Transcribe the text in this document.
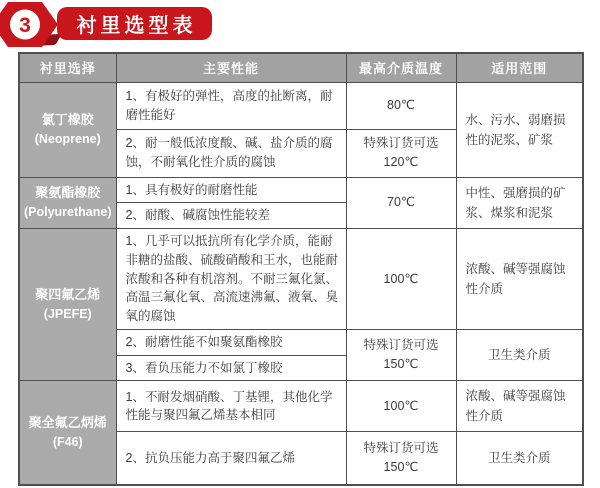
衬里选型表
3
衬里选择	主要性能	最高介质温度	适用范围
氯丁橡胶
(Neoprene)	1、有极好的弹性，高度的扯断离，耐磨性能好	80℃	水、污水、弱磨损性的泥浆、矿浆
	2、耐一般低浓度酸、碱、盐介质的腐蚀，不耐氧化性介质的腐蚀	特殊订货可选120℃	
聚氨酯橡胶
(Polyurethane)	1、具有极好的耐磨性能	70℃	中性、强磨损的矿浆、煤浆和泥浆
	2、耐酸、碱腐蚀性能较差		
聚四氟乙烯
(JPEFE)	1、几乎可以抵抗所有化学介质，能耐非糖的盐酸、硫酸硝酸和王水，也能耐浓酸和各种有机溶剂。不耐三氟化氯、高温三氟化氧、高流速沸氟、液氧、臭氧的腐蚀	100℃	浓酸、碱等强腐蚀性介质
	2、耐磨性能不如聚氨酯橡胶	特殊订货可选150℃	卫生类介质
	3、看负压能力不如氯丁橡胶		
聚全氟乙炳烯
(F46)	1、不耐发烟硝酸、丁基锂，其他化学性能与聚四氟乙烯基本相同	100℃	浓酸、碱等强腐蚀性介质
	2、抗负压能力高于聚四氟乙烯	特殊订货可选150℃	卫生类介质
